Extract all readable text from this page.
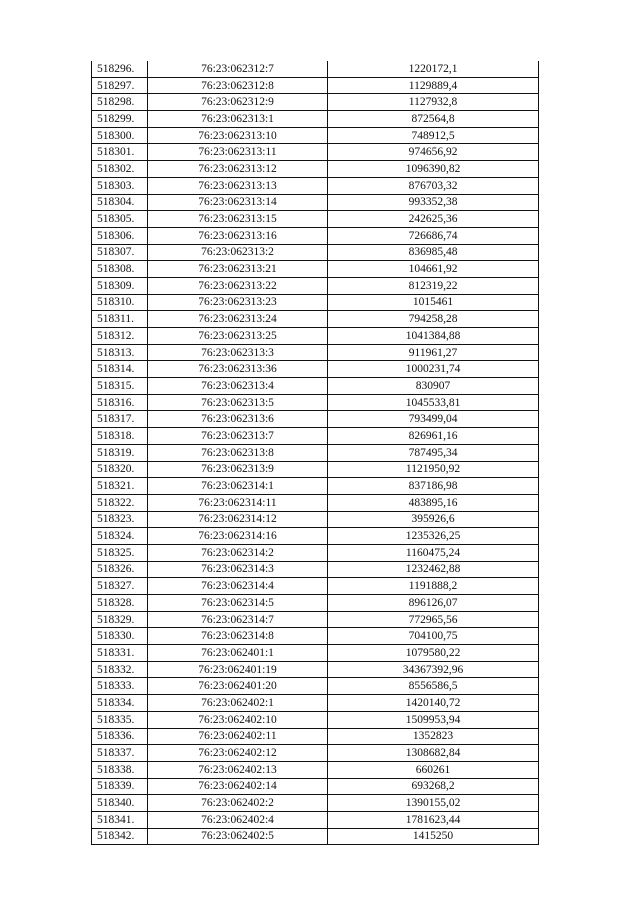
518296.	76:23:062312:7	1220172,1
518297.	76:23:062312:8	1129889,4
518298.	76:23:062312:9	1127932,8
518299.	76:23:062313:1	872564,8
518300.	76:23:062313:10	748912,5
518301.	76:23:062313:11	974656,92
518302.	76:23:062313:12	1096390,82
518303.	76:23:062313:13	876703,32
518304.	76:23:062313:14	993352,38
518305.	76:23:062313:15	242625,36
518306.	76:23:062313:16	726686,74
518307.	76:23:062313:2	836985,48
518308.	76:23:062313:21	104661,92
518309.	76:23:062313:22	812319,22
518310.	76:23:062313:23	1015461
518311.	76:23:062313:24	794258,28
518312.	76:23:062313:25	1041384,88
518313.	76:23:062313:3	911961,27
518314.	76:23:062313:36	1000231,74
518315.	76:23:062313:4	830907
518316.	76:23:062313:5	1045533,81
518317.	76:23:062313:6	793499,04
518318.	76:23:062313:7	826961,16
518319.	76:23:062313:8	787495,34
518320.	76:23:062313:9	1121950,92
518321.	76:23:062314:1	837186,98
518322.	76:23:062314:11	483895,16
518323.	76:23:062314:12	395926,6
518324.	76:23:062314:16	1235326,25
518325.	76:23:062314:2	1160475,24
518326.	76:23:062314:3	1232462,88
518327.	76:23:062314:4	1191888,2
518328.	76:23:062314:5	896126,07
518329.	76:23:062314:7	772965,56
518330.	76:23:062314:8	704100,75
518331.	76:23:062401:1	1079580,22
518332.	76:23:062401:19	34367392,96
518333.	76:23:062401:20	8556586,5
518334.	76:23:062402:1	1420140,72
518335.	76:23:062402:10	1509953,94
518336.	76:23:062402:11	1352823
518337.	76:23:062402:12	1308682,84
518338.	76:23:062402:13	660261
518339.	76:23:062402:14	693268,2
518340.	76:23:062402:2	1390155,02
518341.	76:23:062402:4	1781623,44
518342.	76:23:062402:5	1415250
